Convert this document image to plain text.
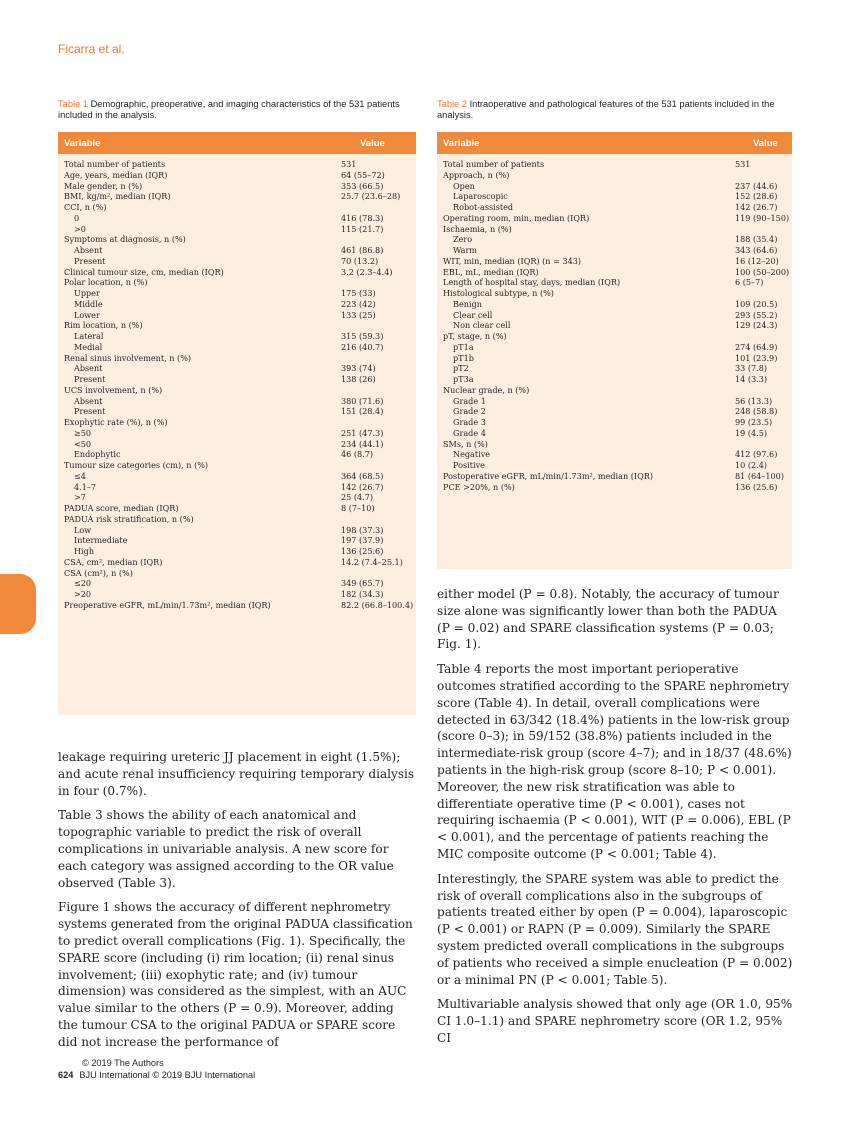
Ficarra et al.
Table 1 Demographic, preoperative, and imaging characteristics of the 531 patients included in the analysis.
Variable	Value
Total number of patients	531
Age, years, median (IQR)	64 (55–72)
Male gender, n (%)	353 (66.5)
BMI, kg/m², median (IQR)	25.7 (23.6–28)
CCI, n (%)
0	416 (78.3)
>0	115 (21.7)
Symptoms at diagnosis, n (%)
Absent	461 (86.8)
Present	70 (13.2)
Clinical tumour size, cm, median (IQR)	3.2 (2.3–4.4)
Polar location, n (%)
Upper	175 (33)
Middle	223 (42)
Lower	133 (25)
Rim location, n (%)
Lateral	315 (59.3)
Medial	216 (40.7)
Renal sinus involvement, n (%)
Absent	393 (74)
Present	138 (26)
UCS involvement, n (%)
Absent	380 (71.6)
Present	151 (28.4)
Exophytic rate (%), n (%)
≥50	251 (47.3)
<50	234 (44.1)
Endophytic	46 (8.7)
Tumour size categories (cm), n (%)
≤4	364 (68.5)
4.1–7	142 (26.7)
>7	25 (4.7)
PADUA score, median (IQR)	8 (7–10)
PADUA risk stratification, n (%)
Low	198 (37.3)
Intermediate	197 (37.9)
High	136 (25.6)
CSA, cm², median (IQR)	14.2 (7.4–25.1)
CSA (cm²), n (%)
≤20	349 (65.7)
>20	182 (34.3)
Preoperative eGFR, mL/min/1.73m², median (IQR)	82.2 (66.8–100.4)
Table 2 Intraoperative and pathological features of the 531 patients included in the analysis.
Variable	Value
Total number of patients	531
Approach, n (%)
Open	237 (44.6)
Laparoscopic	152 (28.6)
Robot-assisted	142 (26.7)
Operating room, min, median (IQR)	119 (90–150)
Ischaemia, n (%)
Zero	188 (35.4)
Warm	343 (64.6)
WIT, min, median (IQR) (n = 343)	16 (12–20)
EBL, mL, median (IQR)	100 (50–200)
Length of hospital stay, days, median (IQR)	6 (5–7)
Histological subtype, n (%)
Benign	109 (20.5)
Clear cell	293 (55.2)
Non clear cell	129 (24.3)
pT, stage, n (%)
pT1a	274 (64.9)
pT1b	101 (23.9)
pT2	33 (7.8)
pT3a	14 (3.3)
Nuclear grade, n (%)
Grade 1	56 (13.3)
Grade 2	248 (58.8)
Grade 3	99 (23.5)
Grade 4	19 (4.5)
SMs, n (%)
Negative	412 (97.6)
Positive	10 (2.4)
Postoperative eGFR, mL/min/1.73m², median (IQR)	81 (64–100)
PCE >20%, n (%)	136 (25.6)

leakage requiring ureteric JJ placement in eight (1.5%); and acute renal insufficiency requiring temporary dialysis in four (0.7%).

Table 3 shows the ability of each anatomical and topographic variable to predict the risk of overall complications in univariable analysis. A new score for each category was assigned according to the OR value observed (Table 3).

Figure 1 shows the accuracy of different nephrometry systems generated from the original PADUA classification to predict overall complications (Fig. 1). Specifically, the SPARE score (including (i) rim location; (ii) renal sinus involvement; (iii) exophytic rate; and (iv) tumour dimension) was considered as the simplest, with an AUC value similar to the others (P = 0.9). Moreover, adding the tumour CSA to the original PADUA or SPARE score did not increase the performance of

either model (P = 0.8). Notably, the accuracy of tumour size alone was significantly lower than both the PADUA (P = 0.02) and SPARE classification systems (P = 0.03; Fig. 1).

Table 4 reports the most important perioperative outcomes stratified according to the SPARE nephrometry score (Table 4). In detail, overall complications were detected in 63/342 (18.4%) patients in the low-risk group (score 0–3); in 59/152 (38.8%) patients included in the intermediate-risk group (score 4–7); and in 18/37 (48.6%) patients in the high-risk group (score 8–10; P < 0.001). Moreover, the new risk stratification was able to differentiate operative time (P < 0.001), cases not requiring ischaemia (P < 0.001), WIT (P = 0.006), EBL (P < 0.001), and the percentage of patients reaching the MIC composite outcome (P < 0.001; Table 4).

Interestingly, the SPARE system was able to predict the risk of overall complications also in the subgroups of patients treated either by open (P = 0.004), laparoscopic (P < 0.001) or RAPN (P = 0.009). Similarly the SPARE system predicted overall complications in the subgroups of patients who received a simple enucleation (P = 0.002) or a minimal PN (P < 0.001; Table 5).

Multivariable analysis showed that only age (OR 1.0, 95% CI 1.0–1.1) and SPARE nephrometry score (OR 1.2, 95% CI

© 2019 The Authors
624 BJU International © 2019 BJU International
